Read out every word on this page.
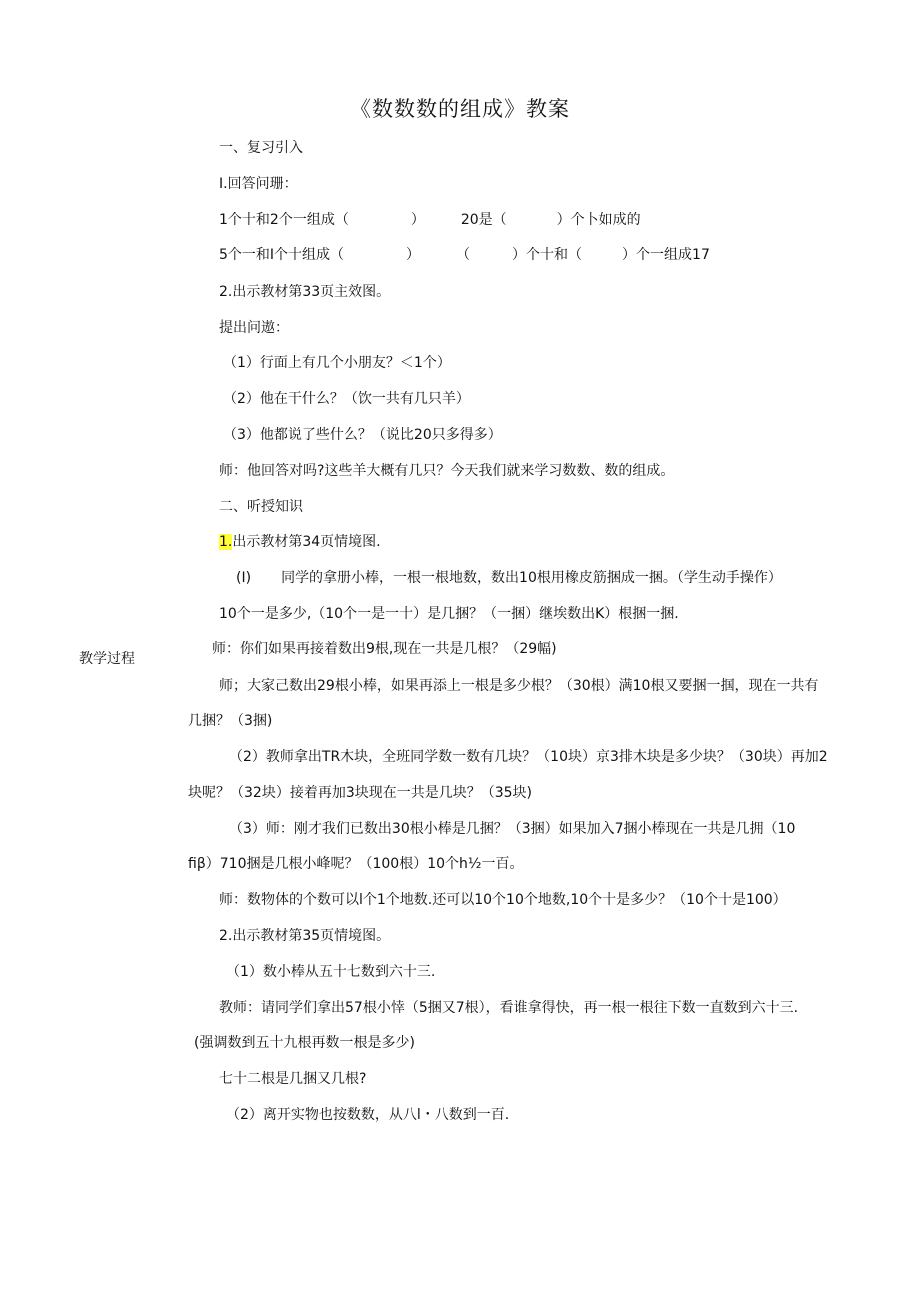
《数数数的组成》教案
教学过程
一、复习引入
I.回答问珊：
1个十和2个一组成（	）	20是（	）个卜如成的
5个一和I个十组成（	）	（	）个十和（	）个一组成17
2.出示教材第33页主效图。
提出问遨：
（1）行面上有几个小朋友？＜1个）
（2）他在干什么？（饮一共有几只羊）
（3）他都说了些什么？（说比20只多得多）
师：他回答对吗?这些羊大概有几只？今天我们就来学习数数、数的组成。
二、听授知识
1.出示教材第34页情境图.
(I) 同学的拿册小棒，一根一根地数，数出10根用橡皮筋捆成一捆。（学生动手操作）
10个一是多少,（10个一是一十）是几捆？（一捆）继埃数出K）根捆一捆.
师：你们如果再接着数出9根,现在一共是几根？（29幅)
师；大家己数出29根小棒，如果再添上一根是多少根？（30根）满10根又要捆一掴，现在一共有
几捆？（3捆)
（2）教师拿出TR木块，全班同学数一数有几块？（10块）京3排木块是多少块？（30块）再加2
块呢？（32块）接着再加3块现在一共是几块？（35块)
（3）师：刚才我们已数出30根小棒是几捆？（3捆）如果加入7捆小棒现在一共是几拥（10
fiβ）710捆是几根小峰呢？（100根）10个h½一百。
师：数物体的个数可以l个1个地数.还可以10个10个地数,10个十是多少？（10个十是100）
2.出示教材第35页情境图。
（1）数小棒从五十七数到六十三.
教师：请同学们拿出57根小悻（5捆又7根），看谁拿得快，再一根一根往下数一直数到六十三.
(强调数到五十九根再数一根是多少)
七十二根是几捆又几根?
（2）离开实物也按数数，从八l・八数到一百.
